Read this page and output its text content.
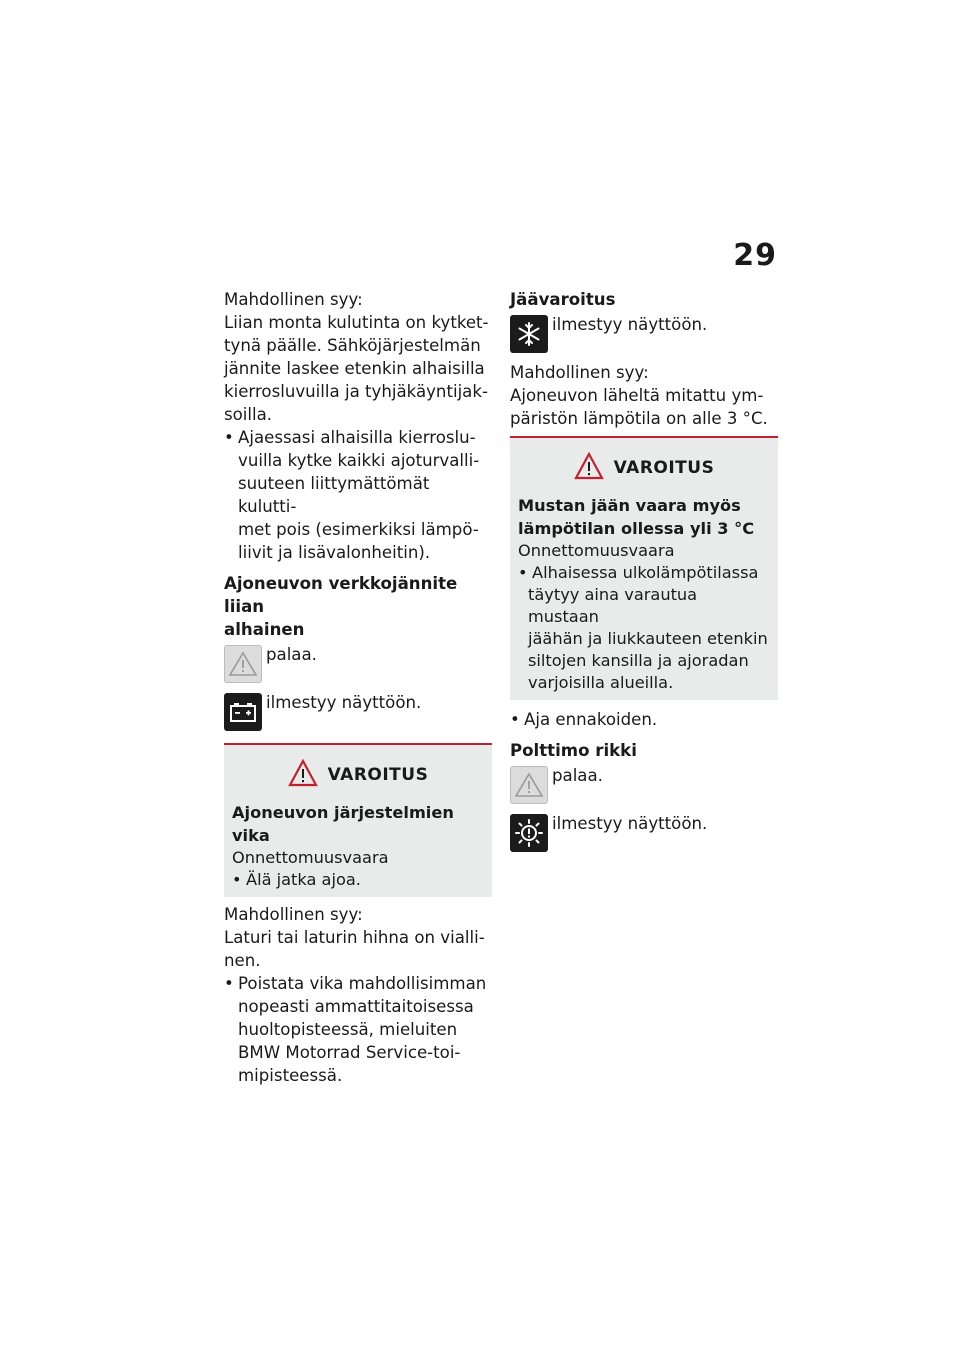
29

Mahdollinen syy:

Liian monta kulutinta on kytket-

tynä päälle. Sähköjärjestelmän

jännite laskee etenkin alhaisilla

kierrosluvuilla ja tyhjäkäyntijak-

soilla.

• Ajaessasi alhaisilla kierroslu-
vuilla kytke kaikki ajoturvalli-
suuteen liittymättömät kulutti-
met pois (esimerkiksi lämpö-
liivit ja lisävalonheitin).
Ajoneuvon verkkojännite liian
alhainen
palaa.
ilmestyy näyttöön.
VAROITUS
Ajoneuvon järjestelmien vika
Onnettomuusvaara
• Älä jatka ajoa.

Mahdollinen syy:

Laturi tai laturin hihna on vialli-

nen.

• Poistata vika mahdollisimman
nopeasti ammattitaitoisessa
huoltopisteessä, mieluiten
BMW Motorrad Service-toi-
mipisteessä.
Jäävaroitus
ilmestyy näyttöön.

Mahdollinen syy:

Ajoneuvon läheltä mitattu ym-

päristön lämpötila on alle 3 °C.

VAROITUS
Mustan jään vaara myös
lämpötilan ollessa yli 3 °C
Onnettomuusvaara
• Alhaisessa ulkolämpötilassa
täytyy aina varautua mustaan
jäähän ja liukkauteen etenkin
siltojen kansilla ja ajoradan
varjoisilla alueilla.
• Aja ennakoiden.
Polttimo rikki
palaa.
ilmestyy näyttöön.
